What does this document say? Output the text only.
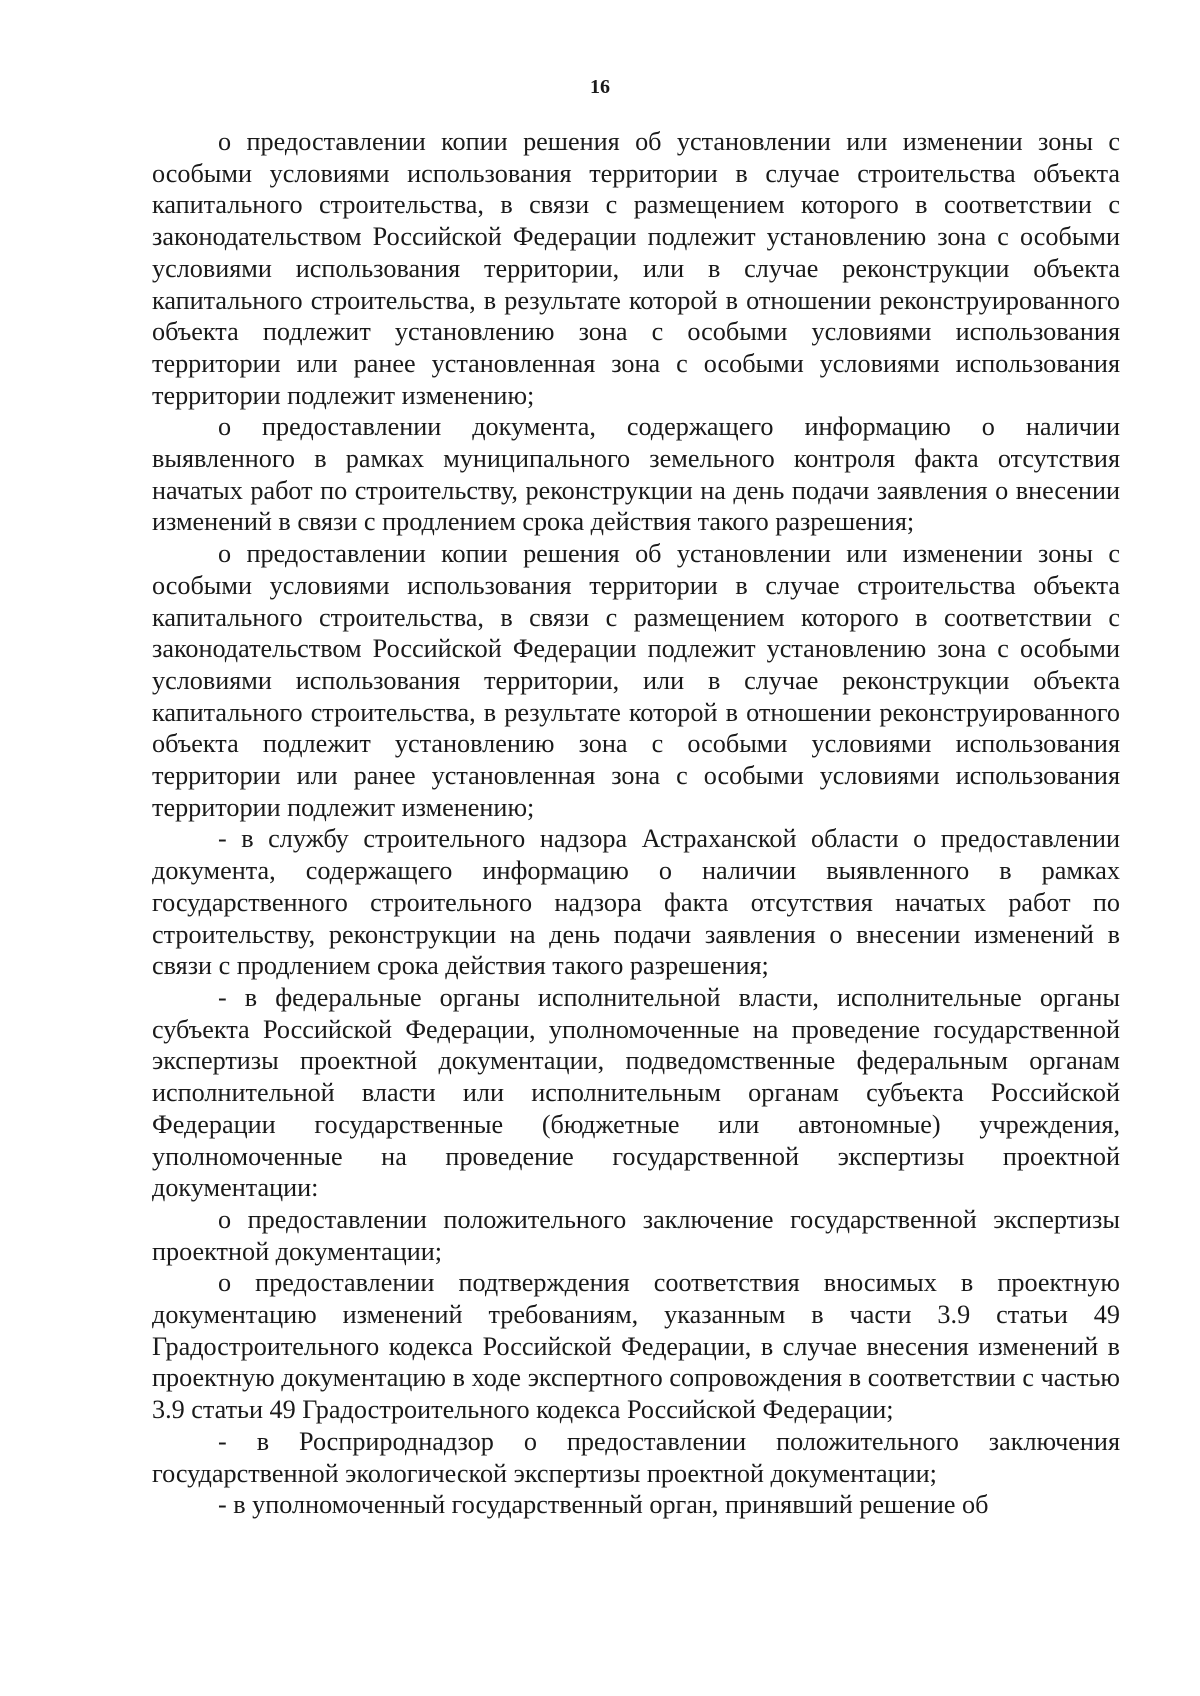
16

о предоставлении копии решения об установлении или изменении зоны с особыми условиями использования территории в случае строительства объекта капитального строительства, в связи с размещением которого в соответствии с законодательством Российской Федерации подлежит установлению зона с особыми условиями использования территории, или в случае реконструкции объекта капитального строительства, в результате которой в отношении реконструированного объекта подлежит установлению зона с особыми условиями использования территории или ранее установленная зона с особыми условиями использования территории подлежит изменению;

о предоставлении документа, содержащего информацию о наличии выявленного в рамках муниципального земельного контроля факта отсутствия начатых работ по строительству, реконструкции на день подачи заявления о внесении изменений в связи с продлением срока действия такого разрешения;

о предоставлении копии решения об установлении или изменении зоны с особыми условиями использования территории в случае строительства объекта капитального строительства, в связи с размещением которого в соответствии с законодательством Российской Федерации подлежит установлению зона с особыми условиями использования территории, или в случае реконструкции объекта капитального строительства, в результате которой в отношении реконструированного объекта подлежит установлению зона с особыми условиями использования территории или ранее установленная зона с особыми условиями использования территории подлежит изменению;

- в службу строительного надзора Астраханской области о предоставлении документа, содержащего информацию о наличии выявленного в рамках государственного строительного надзора факта отсутствия начатых работ по строительству, реконструкции на день подачи заявления о внесении изменений в связи с продлением срока действия такого разрешения;

- в федеральные органы исполнительной власти, исполнительные органы субъекта Российской Федерации, уполномоченные на проведение государственной экспертизы проектной документации, подведомственные федеральным органам исполнительной власти или исполнительным органам субъекта Российской Федерации государственные (бюджетные или автономные) учреждения, уполномоченные на проведение государственной экспертизы проектной документации:

о предоставлении положительного заключение государственной экспертизы проектной документации;

о предоставлении подтверждения соответствия вносимых в проектную документацию изменений требованиям, указанным в части 3.9 статьи 49 Градостроительного кодекса Российской Федерации, в случае внесения изменений в проектную документацию в ходе экспертного сопровождения в соответствии с частью 3.9 статьи 49 Градостроительного кодекса Российской Федерации;

- в Росприроднадзор о предоставлении положительного заключения государственной экологической экспертизы проектной документации;

- в уполномоченный государственный орган, принявший решение об
